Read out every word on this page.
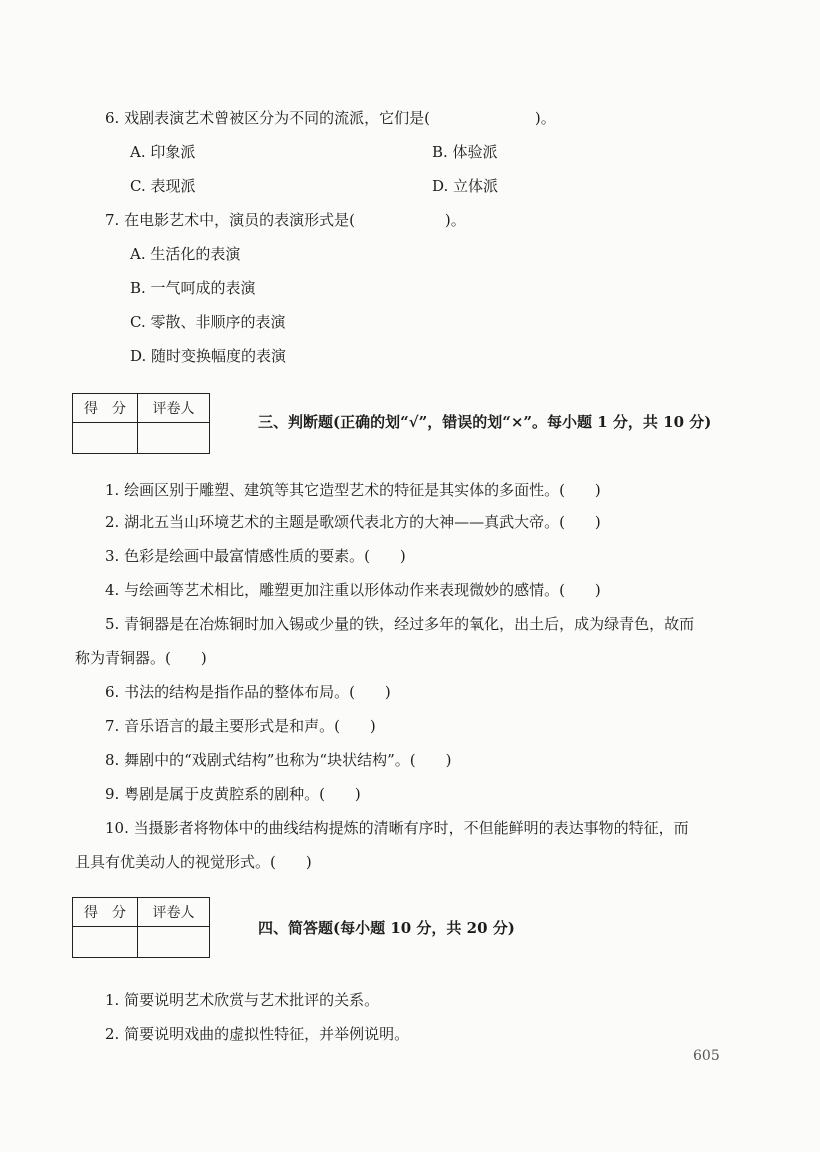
6. 戏剧表演艺术曾被区分为不同的流派，它们是(　　　　　　　)。
A. 印象派	B. 体验派
C. 表现派	D. 立体派
7. 在电影艺术中，演员的表演形式是(　　　　　　)。
A. 生活化的表演
B. 一气呵成的表演
C. 零散、非顺序的表演
D. 随时变换幅度的表演
得　分	评卷人

三、判断题(正确的划“√”，错误的划“×”。每小题 1 分，共 10 分)
1. 绘画区别于雕塑、建筑等其它造型艺术的特征是其实体的多面性。(　　)
2. 湖北五当山环境艺术的主题是歌颂代表北方的大神——真武大帝。(　　)
3. 色彩是绘画中最富情感性质的要素。(　　)
4. 与绘画等艺术相比，雕塑更加注重以形体动作来表现微妙的感情。(　　)
5. 青铜器是在冶炼铜时加入锡或少量的铁，经过多年的氧化，出土后，成为绿青色，故而
称为青铜器。(　　)
6. 书法的结构是指作品的整体布局。(　　)
7. 音乐语言的最主要形式是和声。(　　)
8. 舞剧中的“戏剧式结构”也称为“块状结构”。(　　)
9. 粤剧是属于皮黄腔系的剧种。(　　)
10. 当摄影者将物体中的曲线结构提炼的清晰有序时，不但能鲜明的表达事物的特征，而
且具有优美动人的视觉形式。(　　)
得　分	评卷人

四、简答题(每小题 10 分，共 20 分)
1. 简要说明艺术欣赏与艺术批评的关系。
2. 简要说明戏曲的虚拟性特征，并举例说明。
605
